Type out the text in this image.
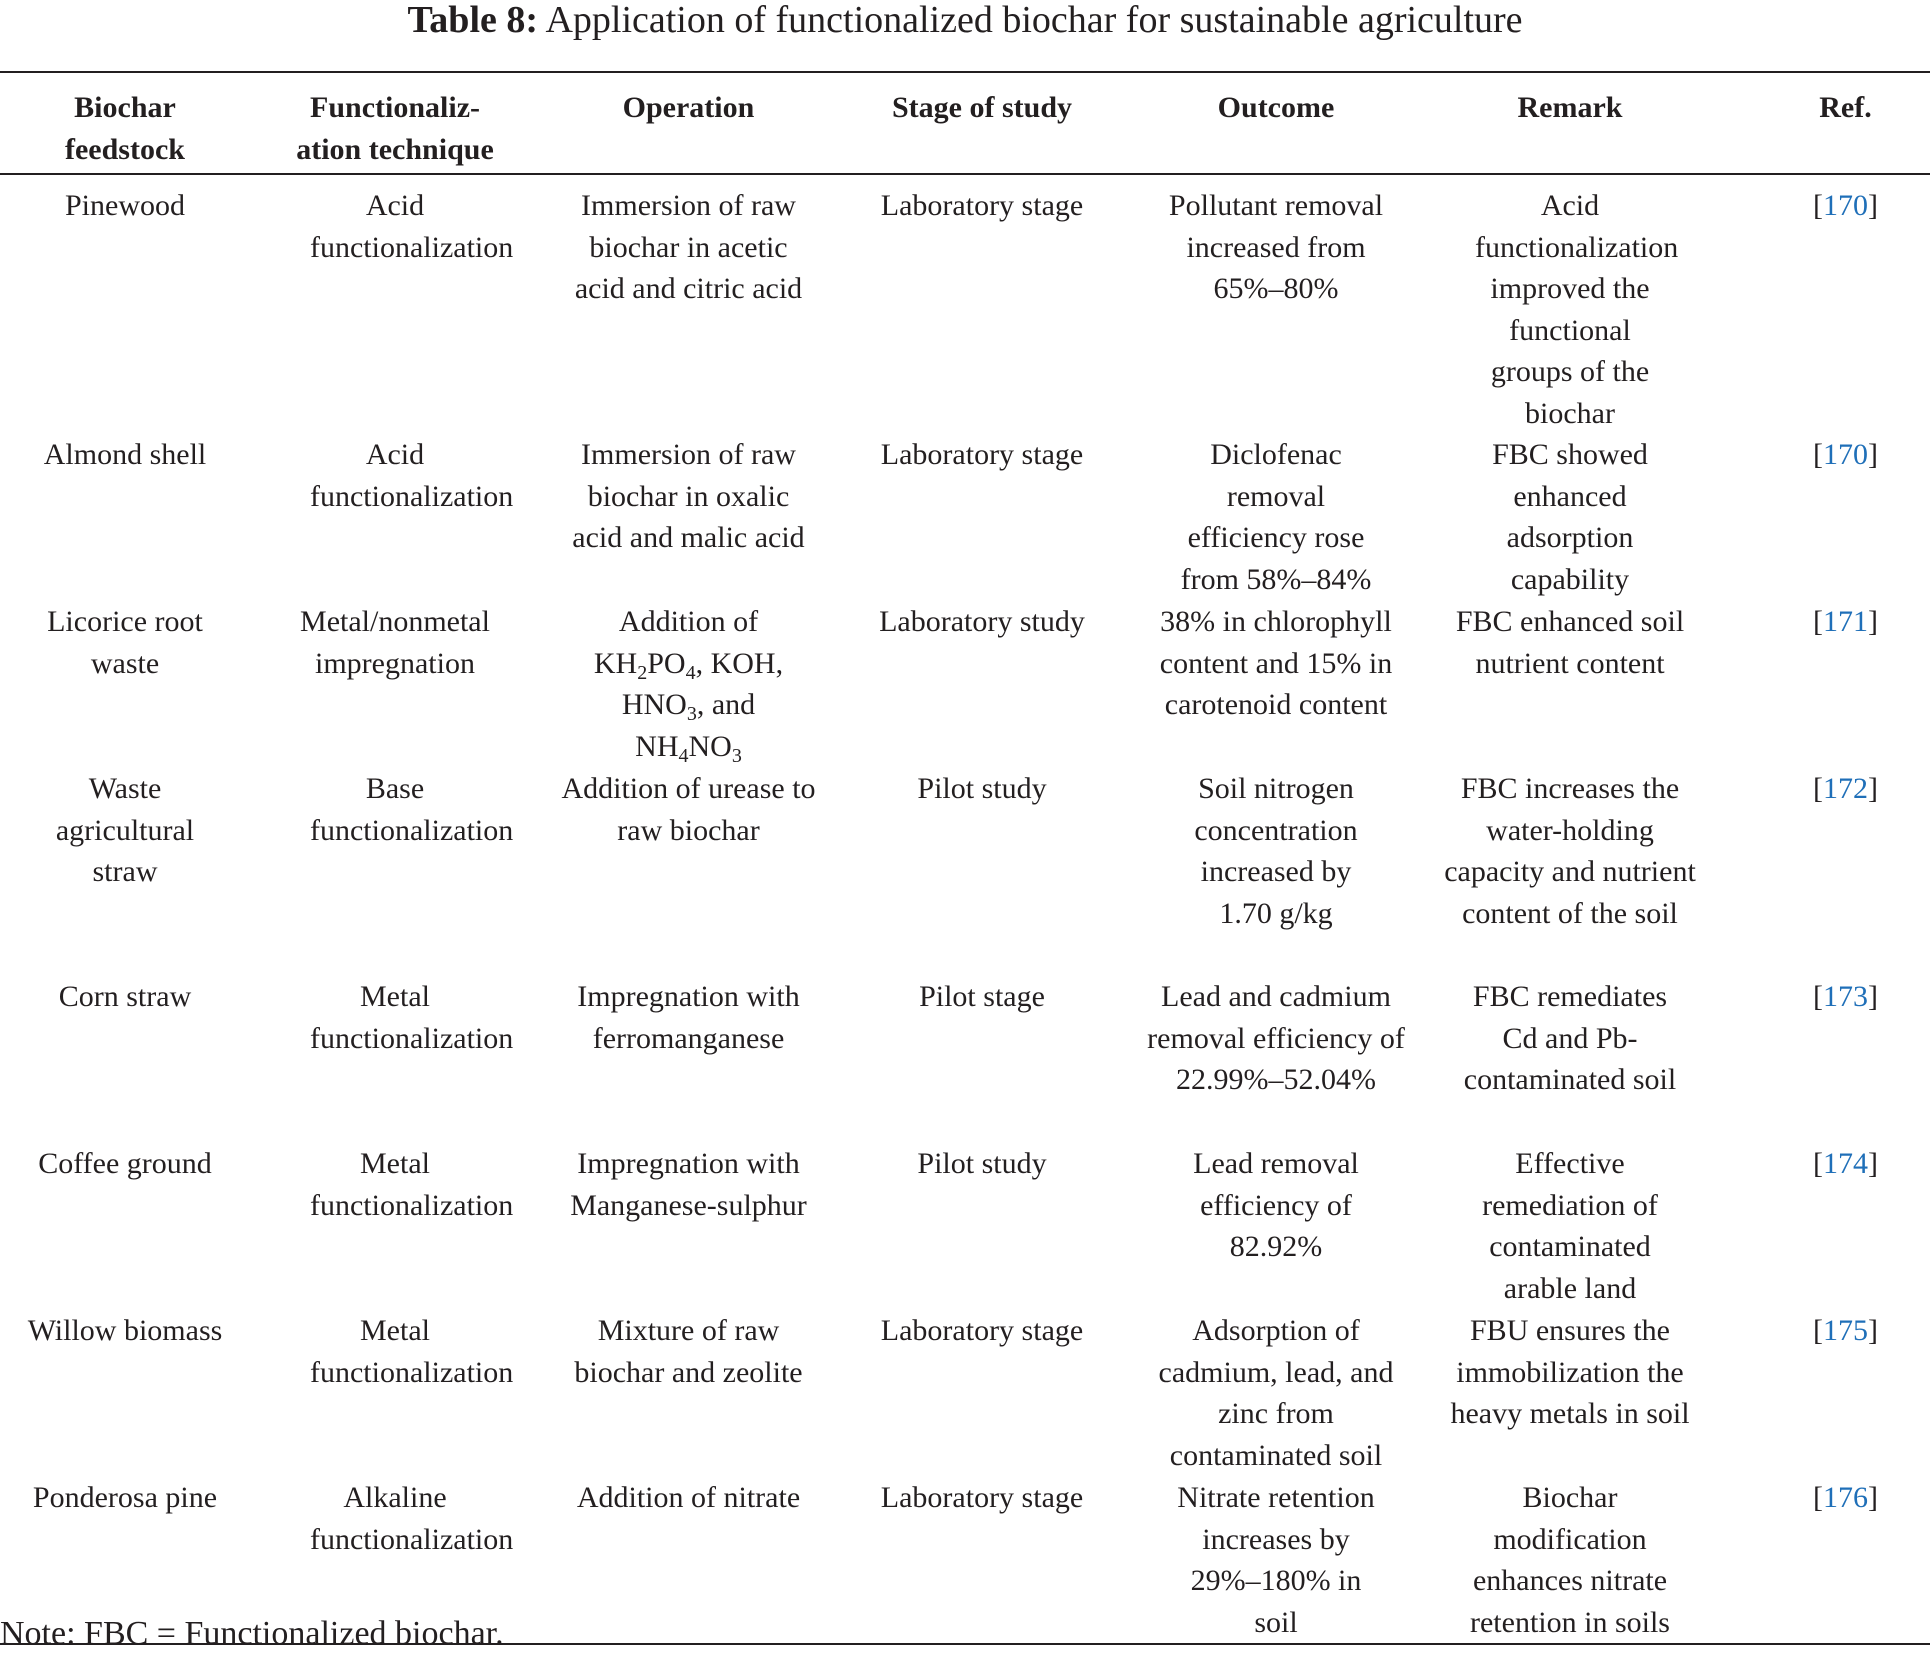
Table 8: Application of functionalized biochar for sustainable agriculture
Biochar feedstock	Functionaliz-ation technique	Operation	Stage of study	Outcome	Remark	Ref.
Pinewood	Acid functionalization	Immersion of raw biochar in acetic acid and citric acid	Laboratory stage	Pollutant removal increased from 65%–80%	Acid functionalization improved the functional groups of the biochar	[170]
Almond shell	Acid functionalization	Immersion of raw biochar in oxalic acid and malic acid	Laboratory stage	Diclofenac removal efficiency rose from 58%–84%	FBC showed enhanced adsorption capability	[170]
Licorice root waste	Metal/nonmetal impregnation	Addition of $KH_2PO_4$, KOH, $HNO_3$, and $NH_4NO_3$	Laboratory study	38% in chlorophyll content and 15% in carotenoid content	FBC enhanced soil nutrient content	[171]
Waste agricultural straw	Base functionalization	Addition of urease to raw biochar	Pilot study	Soil nitrogen concentration increased by 1.70 g/kg	FBC increases the water-holding capacity and nutrient content of the soil	[172]
Corn straw	Metal functionalization	Impregnation with ferromanganese	Pilot stage	Lead and cadmium removal efficiency of 22.99%–52.04%	FBC remediates Cd and Pb-contaminated soil	[173]
Coffee ground	Metal functionalization	Impregnation with Manganese-sulphur	Pilot study	Lead removal efficiency of 82.92%	Effective remediation of contaminated arable land	[174]
Willow biomass	Metal functionalization	Mixture of raw biochar and zeolite	Laboratory stage	Adsorption of cadmium, lead, and zinc from contaminated soil	FBU ensures the immobilization the heavy metals in soil	[175]
Ponderosa pine	Alkaline functionalization	Addition of nitrate	Laboratory stage	Nitrate retention increases by 29%–180% in soil	Biochar modification enhances nitrate retention in soils	[176]
Note: FBC = Functionalized biochar.
